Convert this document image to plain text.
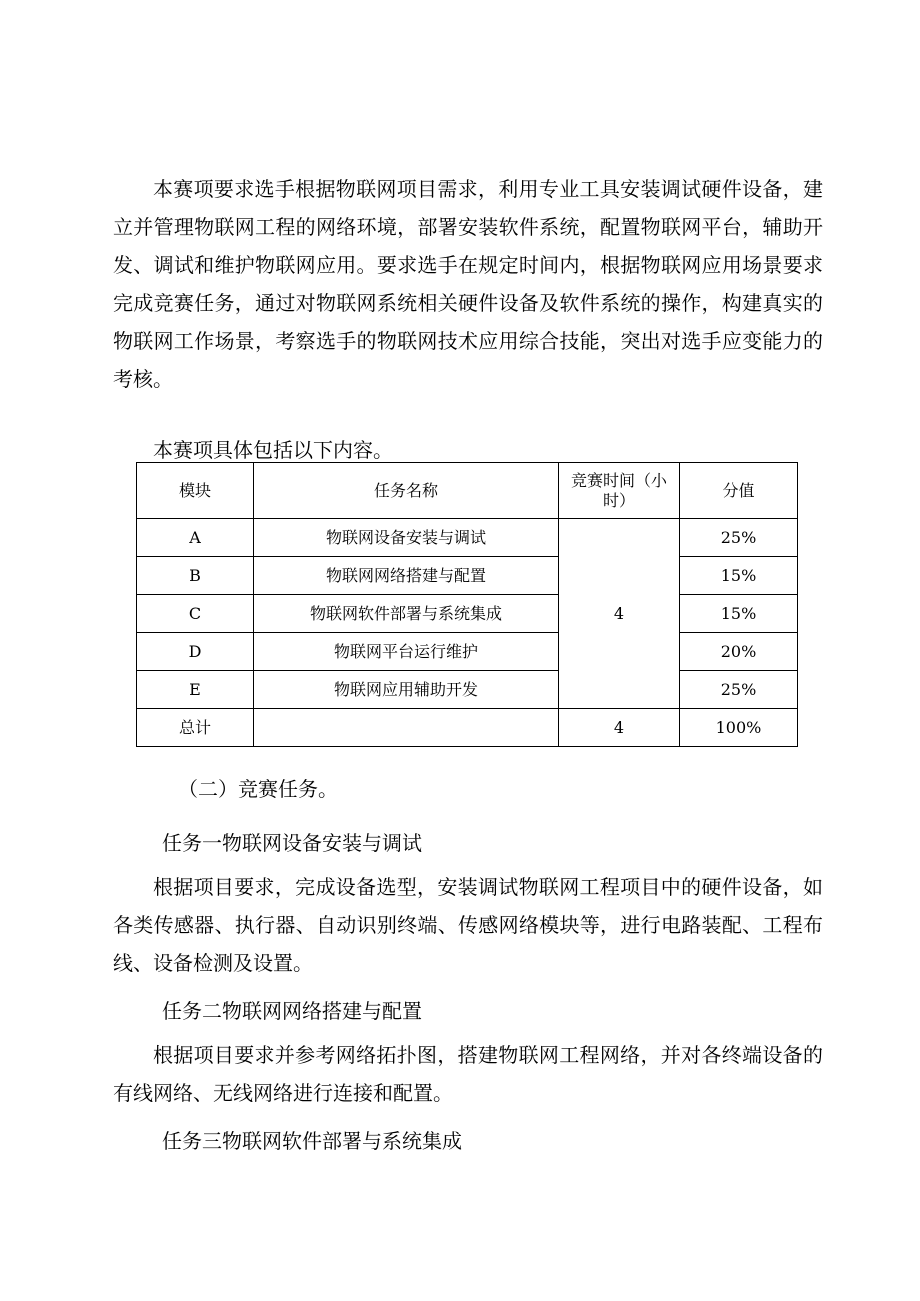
本赛项要求选手根据物联网项目需求，利用专业工具安装调试硬件设备，建立并管理物联网工程的网络环境，部署安装软件系统，配置物联网平台，辅助开发、调试和维护物联网应用。要求选手在规定时间内，根据物联网应用场景要求完成竞赛任务，通过对物联网系统相关硬件设备及软件系统的操作，构建真实的物联网工作场景，考察选手的物联网技术应用综合技能，突出对选手应变能力的考核。

本赛项具体包括以下内容。

模块	任务名称	竞赛时间（小时）	分值
A	物联网设备安装与调试	4	25%
B	物联网网络搭建与配置		15%
C	物联网软件部署与系统集成		15%
D	物联网平台运行维护		20%
E	物联网应用辅助开发		25%
总计		4	100%

（二）竞赛任务。

任务一物联网设备安装与调试

根据项目要求，完成设备选型，安装调试物联网工程项目中的硬件设备，如各类传感器、执行器、自动识别终端、传感网络模块等，进行电路装配、工程布线、设备检测及设置。

任务二物联网网络搭建与配置

根据项目要求并参考网络拓扑图，搭建物联网工程网络，并对各终端设备的有线网络、无线网络进行连接和配置。

任务三物联网软件部署与系统集成
